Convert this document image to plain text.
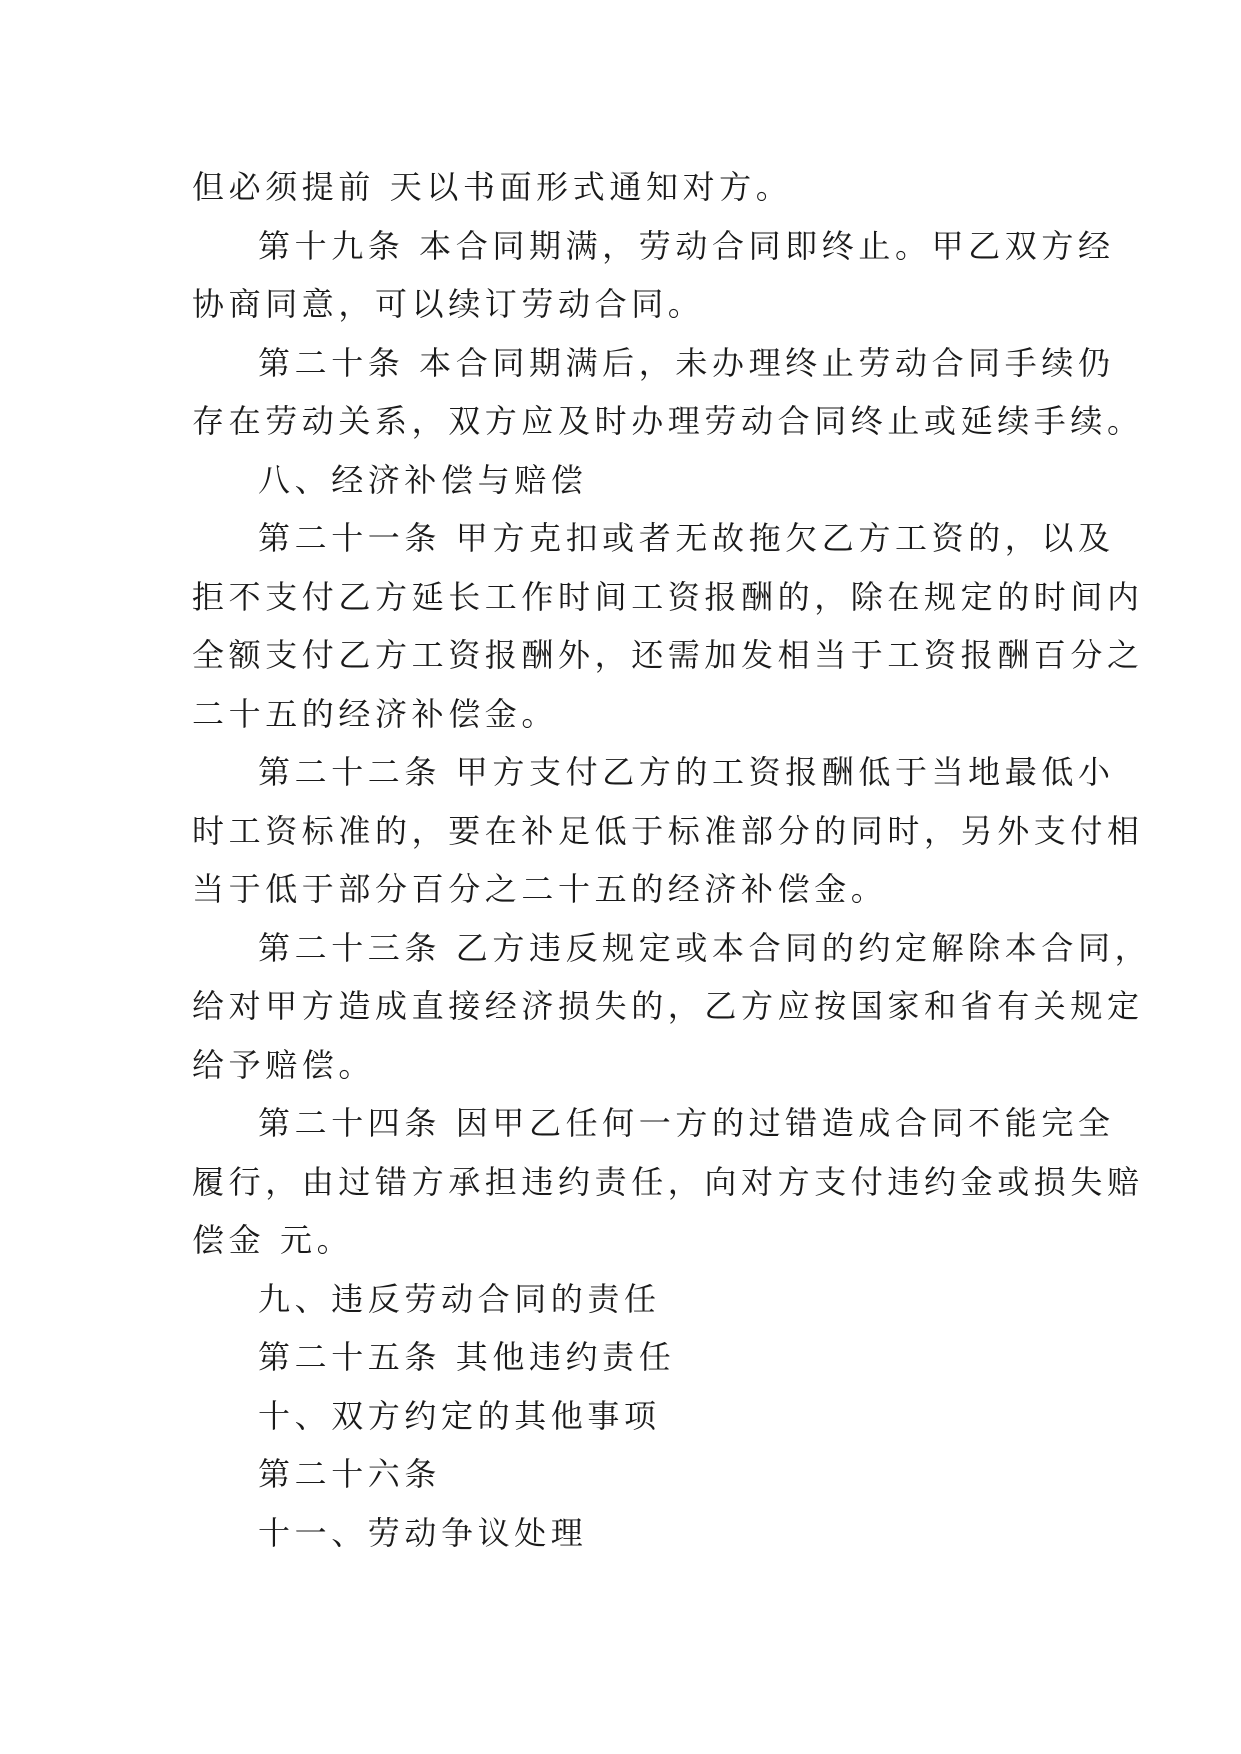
但必须提前 天以书面形式通知对方。
第十九条 本合同期满，劳动合同即终止。甲乙双方经
协商同意，可以续订劳动合同。
第二十条 本合同期满后，未办理终止劳动合同手续仍
存在劳动关系，双方应及时办理劳动合同终止或延续手续。
八、经济补偿与赔偿
第二十一条 甲方克扣或者无故拖欠乙方工资的，以及
拒不支付乙方延长工作时间工资报酬的，除在规定的时间内
全额支付乙方工资报酬外，还需加发相当于工资报酬百分之
二十五的经济补偿金。
第二十二条 甲方支付乙方的工资报酬低于当地最低小
时工资标准的，要在补足低于标准部分的同时，另外支付相
当于低于部分百分之二十五的经济补偿金。
第二十三条 乙方违反规定或本合同的约定解除本合同，
给对甲方造成直接经济损失的，乙方应按国家和省有关规定
给予赔偿。
第二十四条 因甲乙任何一方的过错造成合同不能完全
履行，由过错方承担违约责任，向对方支付违约金或损失赔
偿金 元。
九、违反劳动合同的责任
第二十五条 其他违约责任
十、双方约定的其他事项
第二十六条
十一、劳动争议处理
